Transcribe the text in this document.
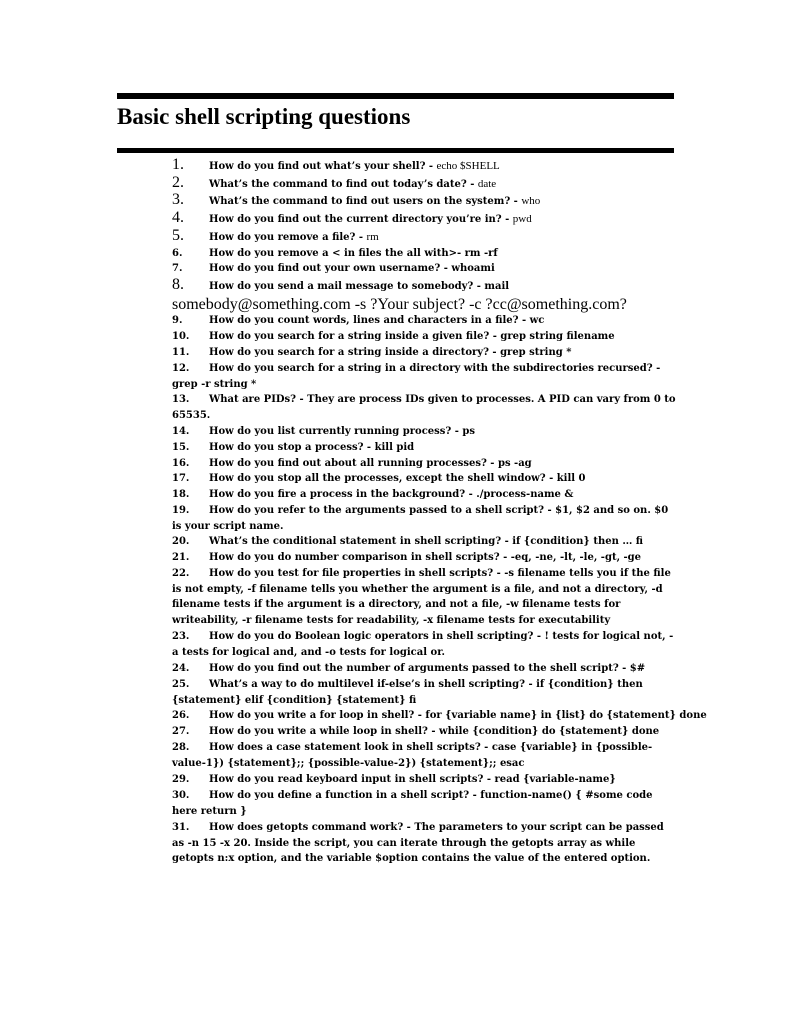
Basic shell scripting questions

1.	How do you find out what’s your shell? - echo $SHELL

2.	What’s the command to find out today’s date? - date

3.	What’s the command to find out users on the system? - who

4.	How do you find out the current directory you’re in? - pwd

5.	How do you remove a file? - rm

6.	How do you remove a < in files the all with>- rm -rf

7.	How do you find out your own username? - whoami

8.	How do you send a mail message to somebody? - mail somebody@something.com -s ?Your subject? -c ?cc@something.com?

9.	How do you count words, lines and characters in a file? - wc

10. How do you search for a string inside a given file? - grep string filename

11. How do you search for a string inside a directory? - grep string *

12. How do you search for a string in a directory with the subdirectories recursed? - grep -r string *

13. What are PIDs? - They are process IDs given to processes. A PID can vary from 0 to 65535.

14. How do you list currently running process? - ps

15. How do you stop a process? - kill pid

16. How do you find out about all running processes? - ps -ag

17. How do you stop all the processes, except the shell window? - kill 0

18. How do you fire a process in the background? - ./process-name &

19. How do you refer to the arguments passed to a shell script? - $1, $2 and so on. $0 is your script name.

20. What’s the conditional statement in shell scripting? - if {condition} then … fi

21. How do you do number comparison in shell scripts? - -eq, -ne, -lt, -le, -gt, -ge

22. How do you test for file properties in shell scripts? - -s filename tells you if the file is not empty, -f filename tells you whether the argument is a file, and not a directory, -d filename tests if the argument is a directory, and not a file, -w filename tests for writeability, -r filename tests for readability, -x filename tests for executability

23. How do you do Boolean logic operators in shell scripting? - ! tests for logical not, -a tests for logical and, and -o tests for logical or.

24. How do you find out the number of arguments passed to the shell script? - $#

25. What’s a way to do multilevel if-else’s in shell scripting? - if {condition} then {statement} elif {condition} {statement} fi

26. How do you write a for loop in shell? - for {variable name} in {list} do {statement} done

27. How do you write a while loop in shell? - while {condition} do {statement} done

28. How does a case statement look in shell scripts? - case {variable} in {possible-value-1}) {statement};; {possible-value-2}) {statement};; esac

29. How do you read keyboard input in shell scripts? - read {variable-name}

30. How do you define a function in a shell script? - function-name() { #some code here return }

31. How does getopts command work? - The parameters to your script can be passed as -n 15 -x 20. Inside the script, you can iterate through the getopts array as while getopts n:x option, and the variable $option contains the value of the entered option.
